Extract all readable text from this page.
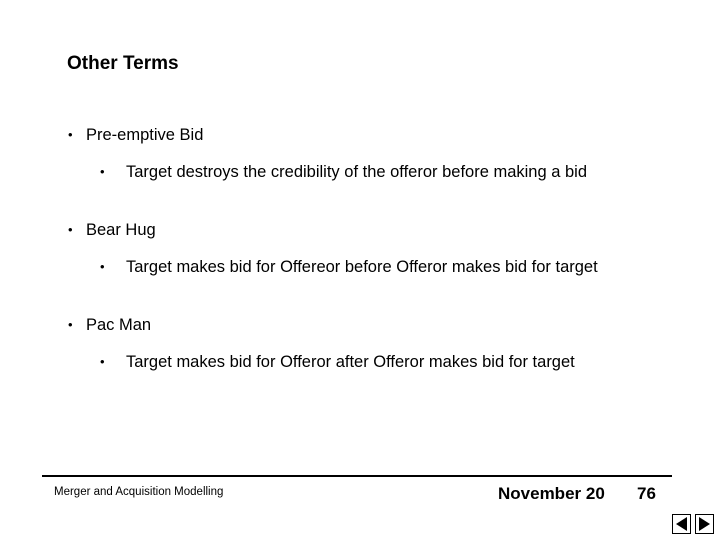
Other Terms
• Pre-emptive Bid
• Target destroys the credibility of the offeror before making a bid
• Bear Hug
• Target makes bid for Offereor before Offeror makes bid for target
• Pac Man
• Target makes bid for Offeror after Offeror makes bid for target
Merger and Acquisition Modelling	November 20 76
